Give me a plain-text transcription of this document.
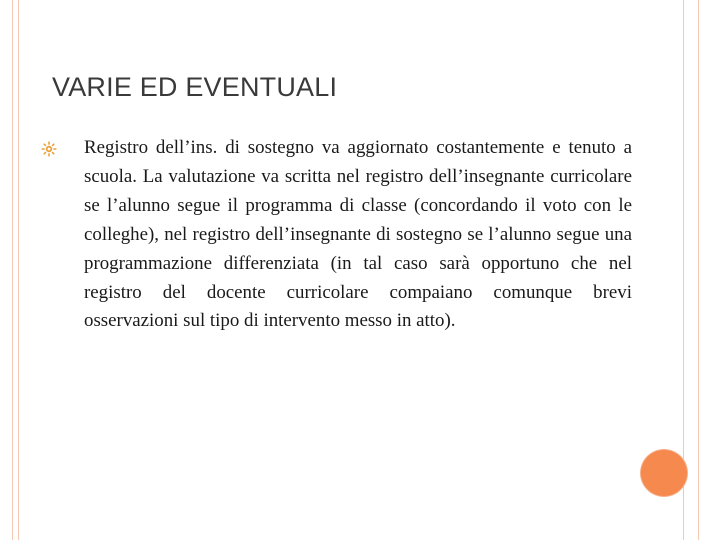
VARIE ED EVENTUALI
Registro dell’ins. di sostegno va aggiornato costantemente e tenuto a scuola. La valutazione va scritta nel registro dell’insegnante curricolare se l’alunno segue il programma di classe (concordando il voto con le colleghe), nel registro dell’insegnante di sostegno se l’alunno segue una programmazione differenziata (in tal caso sarà opportuno che nel registro del docente curricolare compaiano comunque brevi osservazioni sul tipo di intervento messo in atto).
